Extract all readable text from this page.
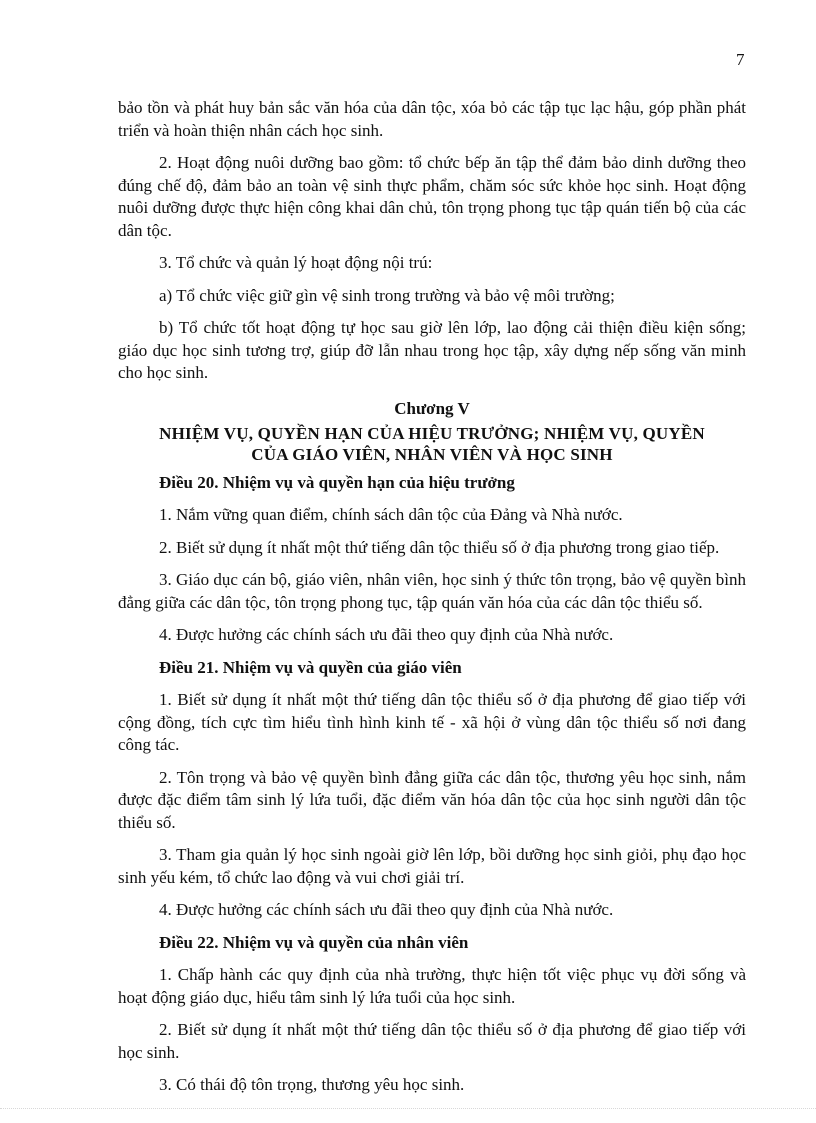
7

bảo tồn và phát huy bản sắc văn hóa của dân tộc, xóa bỏ các tập tục lạc hậu, góp phần phát triển và hoàn thiện nhân cách học sinh.

2. Hoạt động nuôi dưỡng bao gồm: tổ chức bếp ăn tập thể đảm bảo dinh dưỡng theo đúng chế độ, đảm bảo an toàn vệ sinh thực phẩm, chăm sóc sức khỏe học sinh. Hoạt động nuôi dưỡng được thực hiện công khai dân chủ, tôn trọng phong tục tập quán tiến bộ của các dân tộc.

3. Tổ chức và quản lý hoạt động nội trú:

a) Tổ chức việc giữ gìn vệ sinh trong trường và bảo vệ môi trường;

b) Tổ chức tốt hoạt động tự học sau giờ lên lớp, lao động cải thiện điều kiện sống; giáo dục học sinh tương trợ, giúp đỡ lẫn nhau trong học tập, xây dựng nếp sống văn minh cho học sinh.

Chương V
NHIỆM VỤ, QUYỀN HẠN CỦA HIỆU TRƯỞNG; NHIỆM VỤ, QUYỀN
CỦA GIÁO VIÊN, NHÂN VIÊN VÀ HỌC SINH

Điều 20. Nhiệm vụ và quyền hạn của hiệu trưởng

1. Nắm vững quan điểm, chính sách dân tộc của Đảng và Nhà nước.

2. Biết sử dụng ít nhất một thứ tiếng dân tộc thiểu số ở địa phương trong giao tiếp.

3. Giáo dục cán bộ, giáo viên, nhân viên, học sinh ý thức tôn trọng, bảo vệ quyền bình đẳng giữa các dân tộc, tôn trọng phong tục, tập quán văn hóa của các dân tộc thiểu số.

4. Được hưởng các chính sách ưu đãi theo quy định của Nhà nước.

Điều 21. Nhiệm vụ và quyền của giáo viên

1. Biết sử dụng ít nhất một thứ tiếng dân tộc thiểu số ở địa phương để giao tiếp với cộng đồng, tích cực tìm hiểu tình hình kinh tế - xã hội ở vùng dân tộc thiểu số nơi đang công tác.

2. Tôn trọng và bảo vệ quyền bình đẳng giữa các dân tộc, thương yêu học sinh, nắm được đặc điểm tâm sinh lý lứa tuổi, đặc điểm văn hóa dân tộc của học sinh người dân tộc thiểu số.

3. Tham gia quản lý học sinh ngoài giờ lên lớp, bồi dưỡng học sinh giỏi, phụ đạo học sinh yếu kém, tổ chức lao động và vui chơi giải trí.

4. Được hưởng các chính sách ưu đãi theo quy định của Nhà nước.

Điều 22. Nhiệm vụ và quyền của nhân viên

1. Chấp hành các quy định của nhà trường, thực hiện tốt việc phục vụ đời sống và hoạt động giáo dục, hiểu tâm sinh lý lứa tuổi của học sinh.

2. Biết sử dụng ít nhất một thứ tiếng dân tộc thiểu số ở địa phương để giao tiếp với học sinh.

3. Có thái độ tôn trọng, thương yêu học sinh.
